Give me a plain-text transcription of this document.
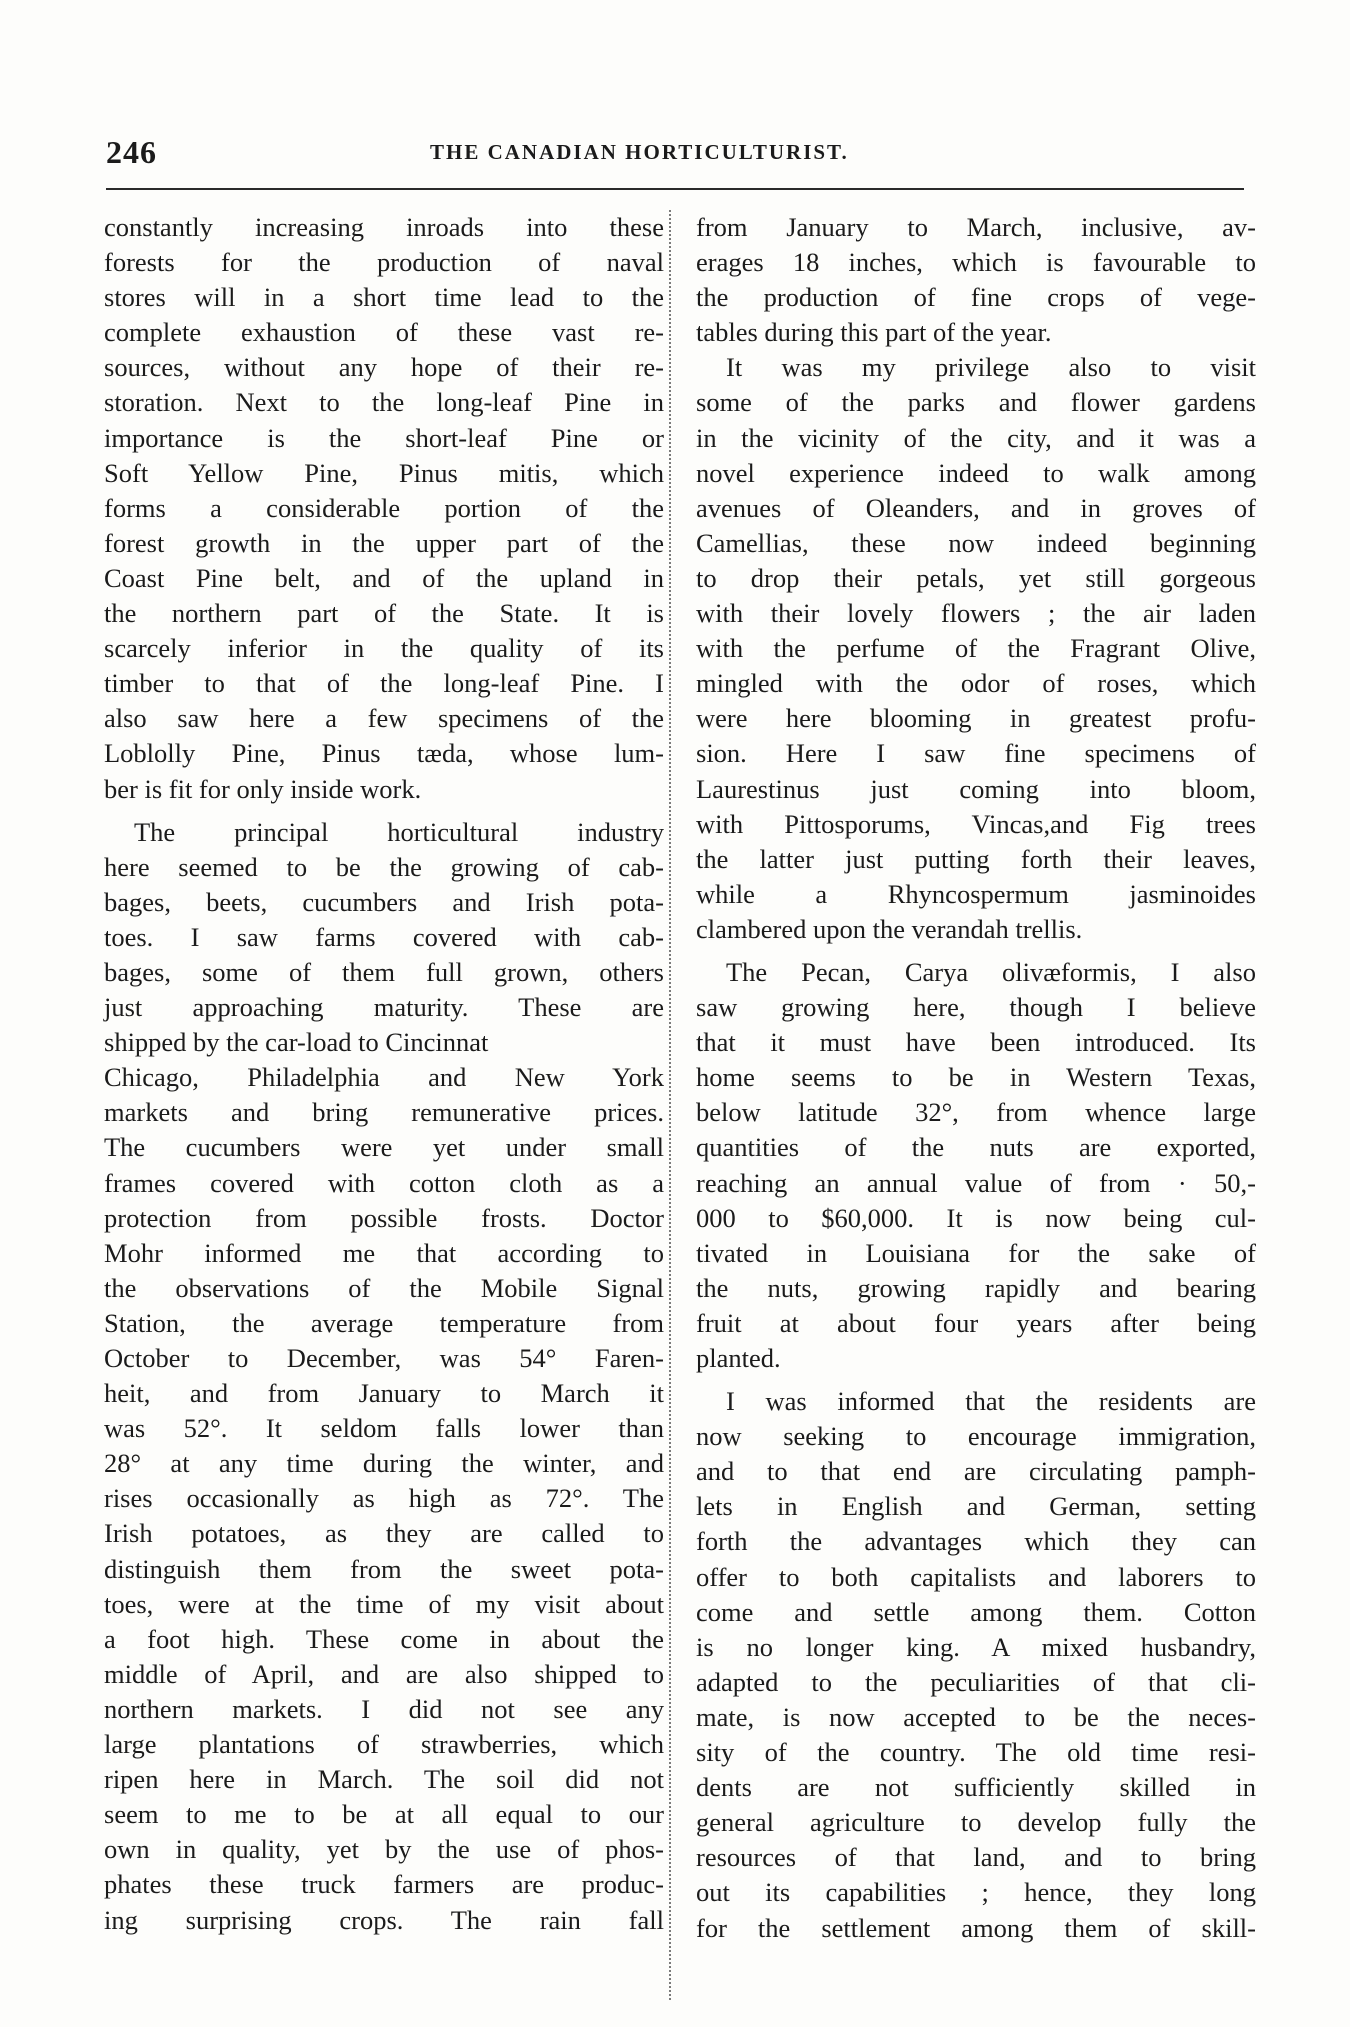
246	THE CANADIAN HORTICULTURIST.
constantly increasing inroads into these
forests for the production of naval
stores will in a short time lead to the
complete exhaustion of these vast re-
sources, without any hope of their re-
storation. Next to the long-leaf Pine in
importance is the short-leaf Pine or
Soft Yellow Pine, Pinus mitis, which
forms a considerable portion of the
forest growth in the upper part of the
Coast Pine belt, and of the upland in
the northern part of the State. It is
scarcely inferior in the quality of its
timber to that of the long-leaf Pine. I
also saw here a few specimens of the
Loblolly Pine, Pinus tæda, whose lum-
ber is fit for only inside work.
The principal horticultural industry
here seemed to be the growing of cab-
bages, beets, cucumbers and Irish pota-
toes. I saw farms covered with cab-
bages, some of them full grown, others
just approaching maturity. These are
shipped by the car-load to Cincinnat
Chicago, Philadelphia and New York
markets and bring remunerative prices.
The cucumbers were yet under small
frames covered with cotton cloth as a
protection from possible frosts. Doctor
Mohr informed me that according to
the observations of the Mobile Signal
Station, the average temperature from
October to December, was 54° Faren-
heit, and from January to March it
was 52°. It seldom falls lower than
28° at any time during the winter, and
rises occasionally as high as 72°. The
Irish potatoes, as they are called to
distinguish them from the sweet pota-
toes, were at the time of my visit about
a foot high. These come in about the
middle of April, and are also shipped to
northern markets. I did not see any
large plantations of strawberries, which
ripen here in March. The soil did not
seem to me to be at all equal to our
own in quality, yet by the use of phos-
phates these truck farmers are produc-
ing surprising crops. The rain fall
from January to March, inclusive, av-
erages 18 inches, which is favourable to
the production of fine crops of vege-
tables during this part of the year.
It was my privilege also to visit
some of the parks and flower gardens
in the vicinity of the city, and it was a
novel experience indeed to walk among
avenues of Oleanders, and in groves of
Camellias, these now indeed beginning
to drop their petals, yet still gorgeous
with their lovely flowers ; the air laden
with the perfume of the Fragrant Olive,
mingled with the odor of roses, which
were here blooming in greatest profu-
sion. Here I saw fine specimens of
Laurestinus just coming into bloom,
with Pittosporums, Vincas,and Fig trees
the latter just putting forth their leaves,
while a Rhyncospermum jasminoides
clambered upon the verandah trellis.
The Pecan, Carya olivæformis, I also
saw growing here, though I believe
that it must have been introduced. Its
home seems to be in Western Texas,
below latitude 32°, from whence large
quantities of the nuts are exported,
reaching an annual value of from · 50,-
000 to $60,000. It is now being cul-
tivated in Louisiana for the sake of
the nuts, growing rapidly and bearing
fruit at about four years after being
planted.
I was informed that the residents are
now seeking to encourage immigration,
and to that end are circulating pamph-
lets in English and German, setting
forth the advantages which they can
offer to both capitalists and laborers to
come and settle among them. Cotton
is no longer king. A mixed husbandry,
adapted to the peculiarities of that cli-
mate, is now accepted to be the neces-
sity of the country. The old time resi-
dents are not sufficiently skilled in
general agriculture to develop fully the
resources of that land, and to bring
out its capabilities ; hence, they long
for the settlement among them of skill-
